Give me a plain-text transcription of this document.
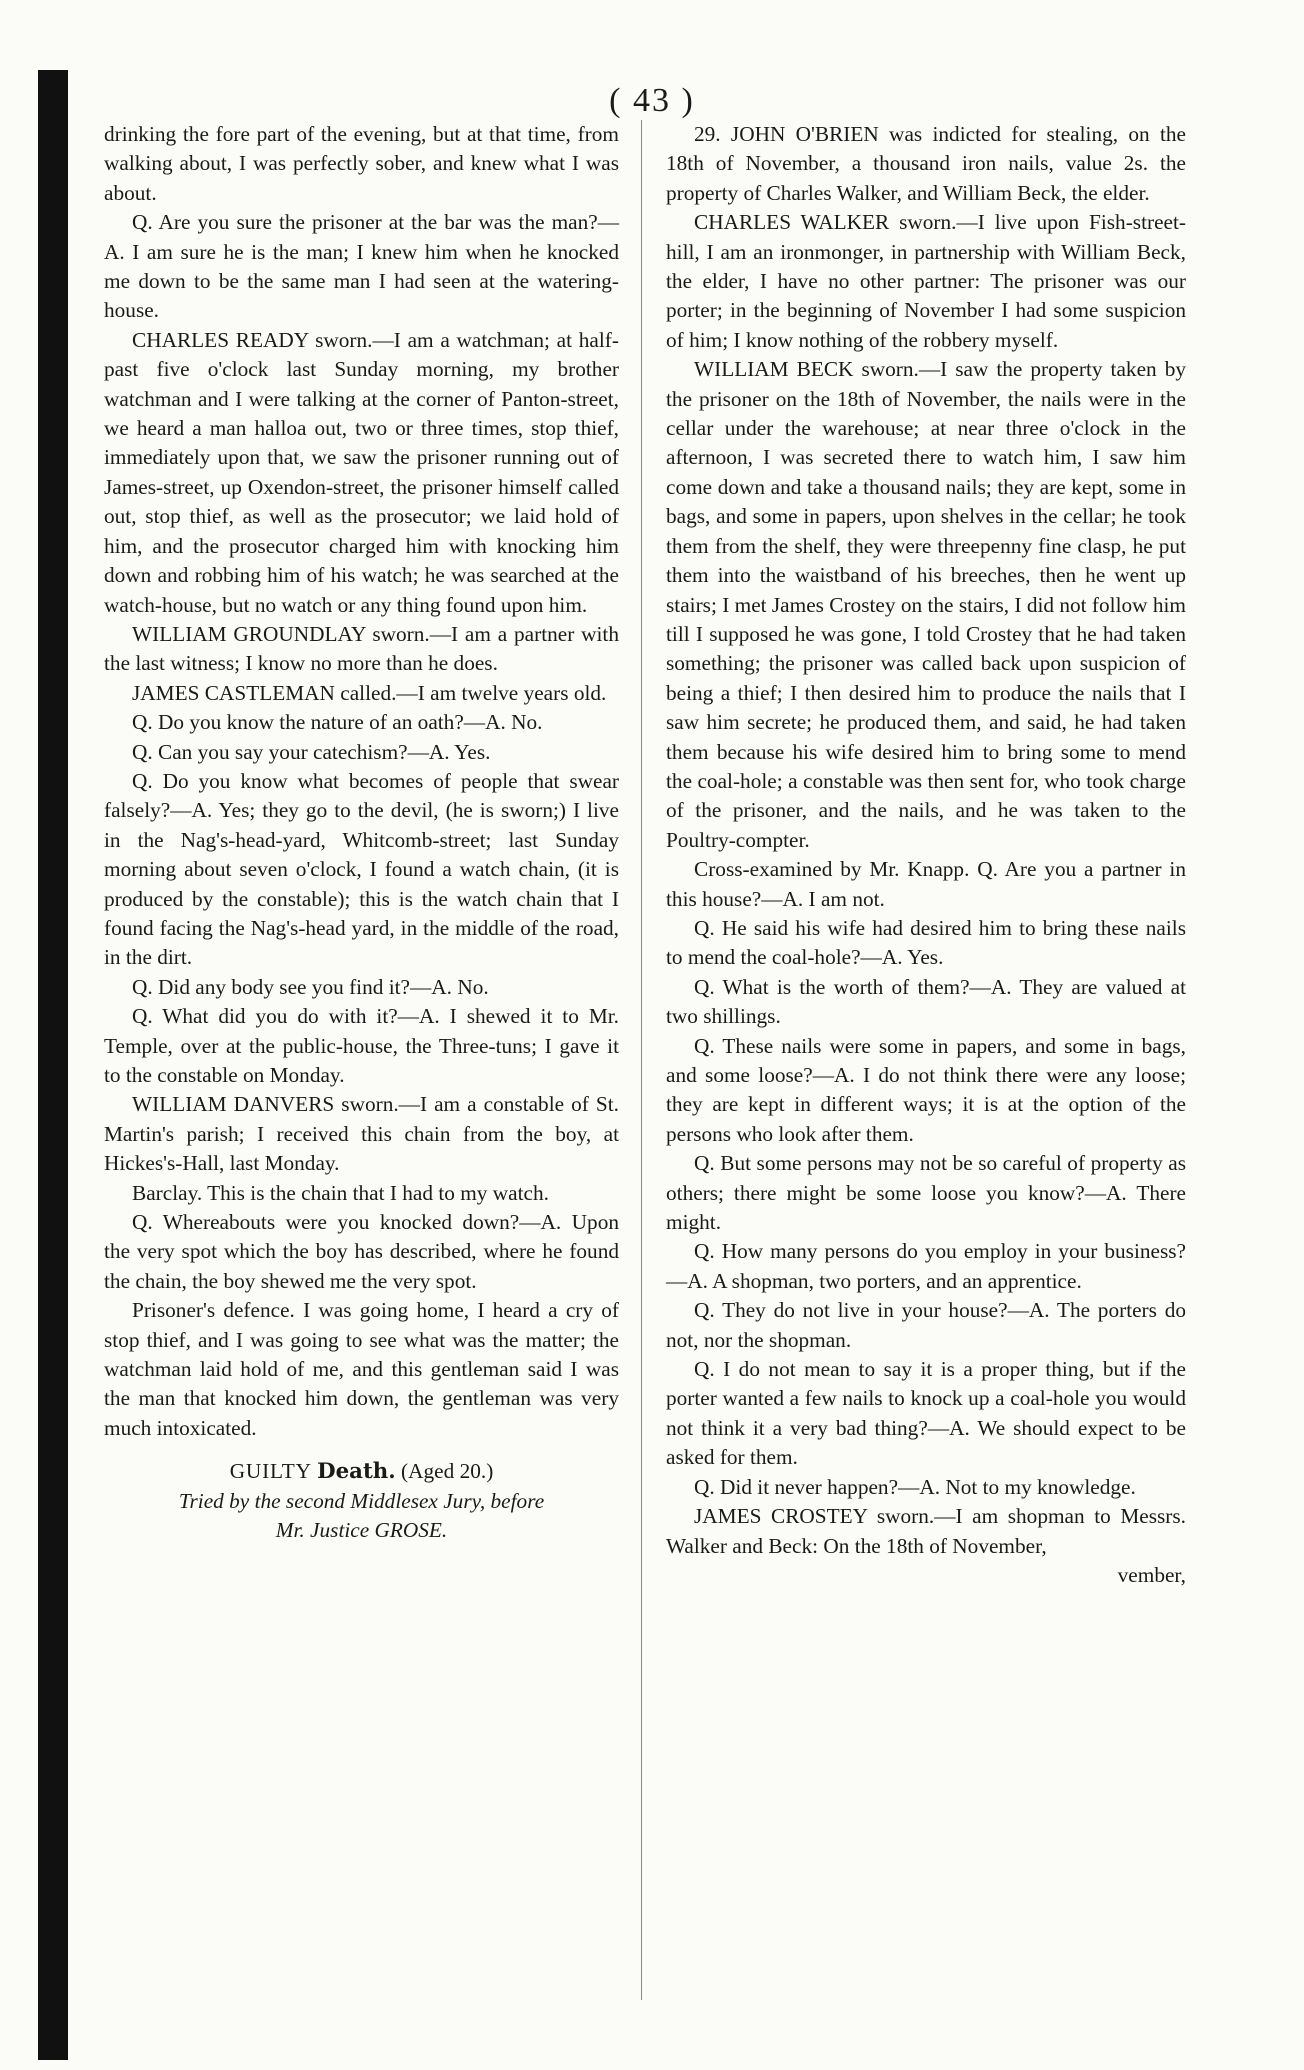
( 43 )

drinking the fore part of the evening, but at that time, from walking about, I was perfectly sober, and knew what I was about.

Q. Are you sure the prisoner at the bar was the man?—A. I am sure he is the man; I knew him when he knocked me down to be the same man I had seen at the watering-house.

CHARLES READY sworn.—I am a watchman; at half-past five o'clock last Sunday morning, my brother watchman and I were talking at the corner of Panton-street, we heard a man halloa out, two or three times, stop thief, immediately upon that, we saw the prisoner running out of James-street, up Oxendon-street, the prisoner himself called out, stop thief, as well as the prosecutor; we laid hold of him, and the prosecutor charged him with knocking him down and robbing him of his watch; he was searched at the watch-house, but no watch or any thing found upon him.

WILLIAM GROUNDLAY sworn.—I am a partner with the last witness; I know no more than he does.

JAMES CASTLEMAN called.—I am twelve years old.

Q. Do you know the nature of an oath?—A. No.

Q. Can you say your catechism?—A. Yes.

Q. Do you know what becomes of people that swear falsely?—A. Yes; they go to the devil, (he is sworn;) I live in the Nag's-head-yard, Whitcomb-street; last Sunday morning about seven o'clock, I found a watch chain, (it is produced by the constable); this is the watch chain that I found facing the Nag's-head yard, in the middle of the road, in the dirt.

Q. Did any body see you find it?—A. No.

Q. What did you do with it?—A. I shewed it to Mr. Temple, over at the public-house, the Three-tuns; I gave it to the constable on Monday.

WILLIAM DANVERS sworn.—I am a constable of St. Martin's parish; I received this chain from the boy, at Hickes's-Hall, last Monday.

Barclay. This is the chain that I had to my watch.

Q. Whereabouts were you knocked down?—A. Upon the very spot which the boy has described, where he found the chain, the boy shewed me the very spot.

Prisoner's defence. I was going home, I heard a cry of stop thief, and I was going to see what was the matter; the watchman laid hold of me, and this gentleman said I was the man that knocked him down, the gentleman was very much intoxicated.

GUILTY Death. (Aged 20.)

Tried by the second Middlesex Jury, before

Mr. Justice GROSE.

29. JOHN O'BRIEN was indicted for stealing, on the 18th of November, a thousand iron nails, value 2s. the property of Charles Walker, and William Beck, the elder.

CHARLES WALKER sworn.—I live upon Fish-street-hill, I am an ironmonger, in partnership with William Beck, the elder, I have no other partner: The prisoner was our porter; in the beginning of November I had some suspicion of him; I know nothing of the robbery myself.

WILLIAM BECK sworn.—I saw the property taken by the prisoner on the 18th of November, the nails were in the cellar under the warehouse; at near three o'clock in the afternoon, I was secreted there to watch him, I saw him come down and take a thousand nails; they are kept, some in bags, and some in papers, upon shelves in the cellar; he took them from the shelf, they were threepenny fine clasp, he put them into the waistband of his breeches, then he went up stairs; I met James Crostey on the stairs, I did not follow him till I supposed he was gone, I told Crostey that he had taken something; the prisoner was called back upon suspicion of being a thief; I then desired him to produce the nails that I saw him secrete; he produced them, and said, he had taken them because his wife desired him to bring some to mend the coal-hole; a constable was then sent for, who took charge of the prisoner, and the nails, and he was taken to the Poultry-compter.

Cross-examined by Mr. Knapp. Q. Are you a partner in this house?—A. I am not.

Q. He said his wife had desired him to bring these nails to mend the coal-hole?—A. Yes.

Q. What is the worth of them?—A. They are valued at two shillings.

Q. These nails were some in papers, and some in bags, and some loose?—A. I do not think there were any loose; they are kept in different ways; it is at the option of the persons who look after them.

Q. But some persons may not be so careful of property as others; there might be some loose you know?—A. There might.

Q. How many persons do you employ in your business?—A. A shopman, two porters, and an apprentice.

Q. They do not live in your house?—A. The porters do not, nor the shopman.

Q. I do not mean to say it is a proper thing, but if the porter wanted a few nails to knock up a coal-hole you would not think it a very bad thing?—A. We should expect to be asked for them.

Q. Did it never happen?—A. Not to my knowledge.

JAMES CROSTEY sworn.—I am shopman to Messrs. Walker and Beck: On the 18th of November,

vember,
